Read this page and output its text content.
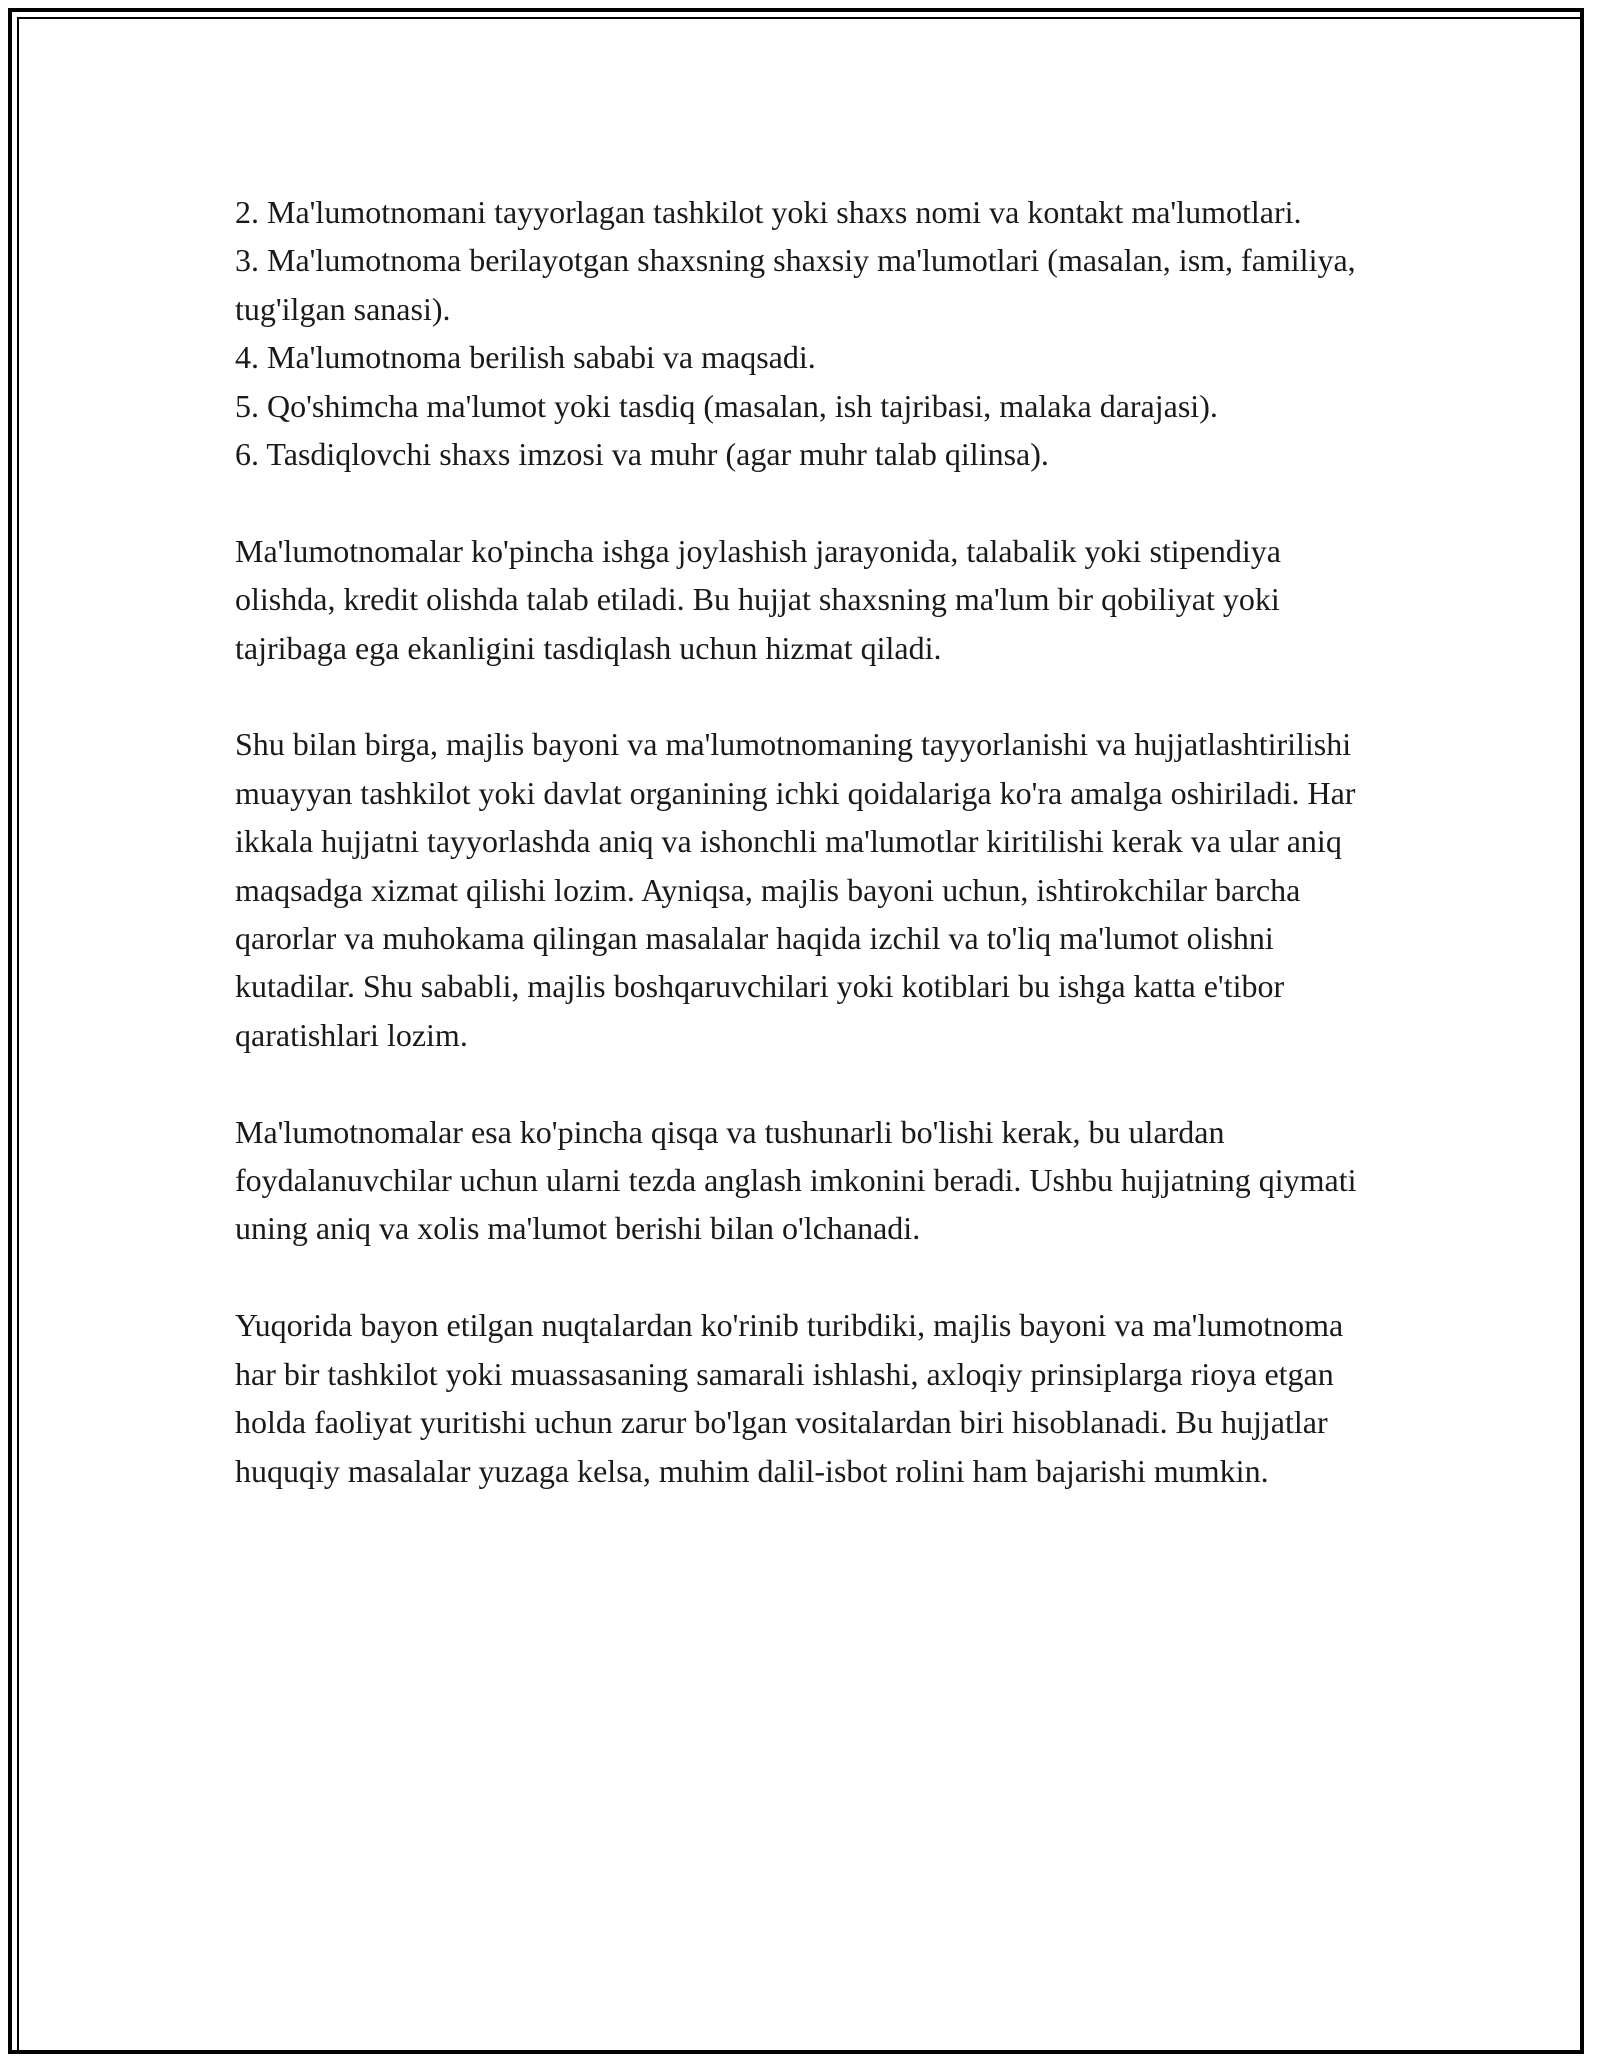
2. Ma'lumotnomani tayyorlagan tashkilot yoki shaxs nomi va kontakt ma'lumotlari.

3. Ma'lumotnoma berilayotgan shaxsning shaxsiy ma'lumotlari (masalan, ism, familiya, tug'ilgan sanasi).

4. Ma'lumotnoma berilish sababi va maqsadi.

5. Qo'shimcha ma'lumot yoki tasdiq (masalan, ish tajribasi, malaka darajasi).

6. Tasdiqlovchi shaxs imzosi va muhr (agar muhr talab qilinsa).

Ma'lumotnomalar ko'pincha ishga joylashish jarayonida, talabalik yoki stipendiya olishda, kredit olishda talab etiladi. Bu hujjat shaxsning ma'lum bir qobiliyat yoki tajribaga ega ekanligini tasdiqlash uchun hizmat qiladi.

Shu bilan birga, majlis bayoni va ma'lumotnomaning tayyorlanishi va hujjatlashtirilishi muayyan tashkilot yoki davlat organining ichki qoidalariga ko'ra amalga oshiriladi. Har ikkala hujjatni tayyorlashda aniq va ishonchli ma'lumotlar kiritilishi kerak va ular aniq maqsadga xizmat qilishi lozim. Ayniqsa, majlis bayoni uchun, ishtirokchilar barcha qarorlar va muhokama qilingan masalalar haqida izchil va to'liq ma'lumot olishni kutadilar. Shu sababli, majlis boshqaruvchilari yoki kotiblari bu ishga katta e'tibor qaratishlari lozim.

Ma'lumotnomalar esa ko'pincha qisqa va tushunarli bo'lishi kerak, bu ulardan foydalanuvchilar uchun ularni tezda anglash imkonini beradi. Ushbu hujjatning qiymati uning aniq va xolis ma'lumot berishi bilan o'lchanadi.

Yuqorida bayon etilgan nuqtalardan ko'rinib turibdiki, majlis bayoni va ma'lumotnoma har bir tashkilot yoki muassasaning samarali ishlashi, axloqiy prinsiplarga rioya etgan holda faoliyat yuritishi uchun zarur bo'lgan vositalardan biri hisoblanadi. Bu hujjatlar huquqiy masalalar yuzaga kelsa, muhim dalil-isbot rolini ham bajarishi mumkin.
